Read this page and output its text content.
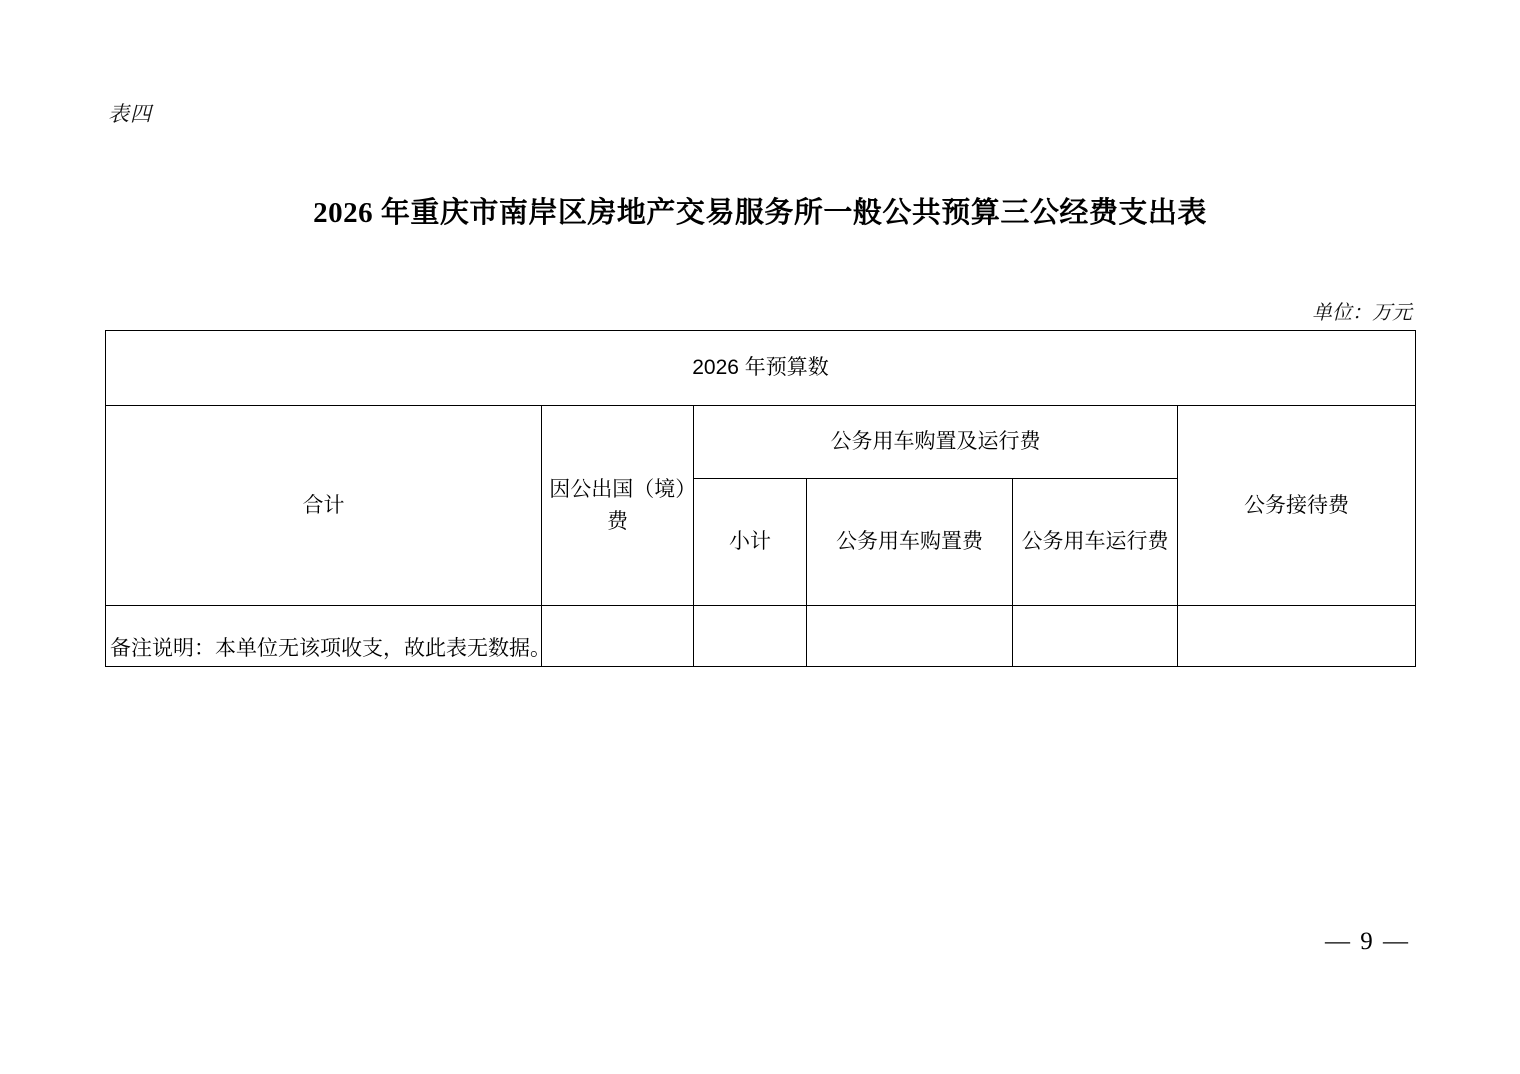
表四
2026 年重庆市南岸区房地产交易服务所一般公共预算三公经费支出表
单位：万元
2026 年预算数					
合计	因公出国（境）费	公务用车购置及运行费			公务接待费
		小计	公务用车购置费	公务用车运行费	

备注说明：本单位无该项收支，故此表无数据。
— 9 —
